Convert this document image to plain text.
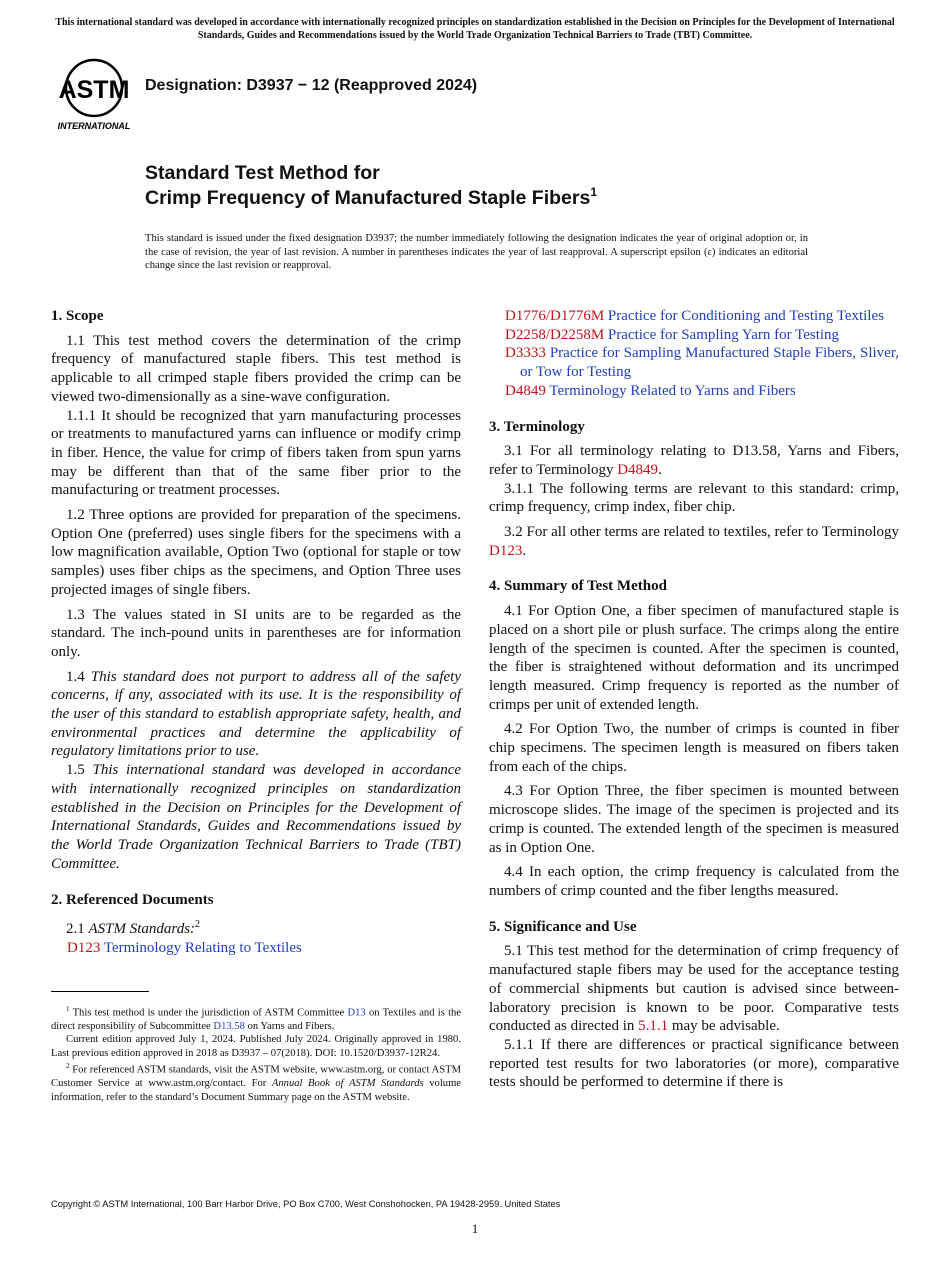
This international standard was developed in accordance with internationally recognized principles on standardization established in the Decision on Principles for the Development of International Standards, Guides and Recommendations issued by the World Trade Organization Technical Barriers to Trade (TBT) Committee.
ASTM
INTERNATIONAL
Designation: D3937 − 12 (Reapproved 2024)
Standard Test Method for
Crimp Frequency of Manufactured Staple Fibers$^1$
This standard is issued under the fixed designation D3937; the number immediately following the designation indicates the year of original adoption or, in the case of revision, the year of last revision. A number in parentheses indicates the year of last reapproval. A superscript epsilon (ε) indicates an editorial change since the last revision or reapproval.
1. Scope

1.1 This test method covers the determination of the crimp frequency of manufactured staple fibers. This test method is applicable to all crimped staple fibers provided the crimp can be viewed two-dimensionally as a sine-wave configuration.

1.1.1 It should be recognized that yarn manufacturing processes or treatments to manufactured yarns can influence or modify crimp in fiber. Hence, the value for crimp of fibers taken from spun yarns may be different than that of the same fiber prior to the manufacturing or treatment processes.

1.2 Three options are provided for preparation of the specimens. Option One (preferred) uses single fibers for the specimens with a low magnification available, Option Two (optional for staple or tow samples) uses fiber chips as the specimens, and Option Three uses projected images of single fibers.

1.3 The values stated in SI units are to be regarded as the standard. The inch-pound units in parentheses are for information only.

1.4 This standard does not purport to address all of the safety concerns, if any, associated with its use. It is the responsibility of the user of this standard to establish appropriate safety, health, and environmental practices and determine the applicability of regulatory limitations prior to use.

1.5 This international standard was developed in accordance with internationally recognized principles on standardization established in the Decision on Principles for the Development of International Standards, Guides and Recommendations issued by the World Trade Organization Technical Barriers to Trade (TBT) Committee.

2. Referenced Documents

2.1 ASTM Standards:$^2$

D123 Terminology Relating to Textiles

$^1$ This test method is under the jurisdiction of ASTM Committee D13 on Textiles and is the direct responsibility of Subcommittee D13.58 on Yarns and Fibers.

Current edition approved July 1, 2024. Published July 2024. Originally approved in 1980. Last previous edition approved in 2018 as D3937 – 07(2018). DOI: 10.1520/D3937-12R24.

$^2$ For referenced ASTM standards, visit the ASTM website, www.astm.org, or contact ASTM Customer Service at www.astm.org/contact. For Annual Book of ASTM Standards volume information, refer to the standard’s Document Summary page on the ASTM website.

D1776/D1776M Practice for Conditioning and Testing Textiles

D2258/D2258M Practice for Sampling Yarn for Testing

D3333 Practice for Sampling Manufactured Staple Fibers, Sliver, or Tow for Testing

D4849 Terminology Related to Yarns and Fibers

3. Terminology

3.1 For all terminology relating to D13.58, Yarns and Fibers, refer to Terminology D4849.

3.1.1 The following terms are relevant to this standard: crimp, crimp frequency, crimp index, fiber chip.

3.2 For all other terms are related to textiles, refer to Terminology D123.

4. Summary of Test Method

4.1 For Option One, a fiber specimen of manufactured staple is placed on a short pile or plush surface. The crimps along the entire length of the specimen is counted. After the specimen is counted, the fiber is straightened without deformation and its uncrimped length measured. Crimp frequency is reported as the number of crimps per unit of extended length.

4.2 For Option Two, the number of crimps is counted in fiber chip specimens. The specimen length is measured on fibers taken from each of the chips.

4.3 For Option Three, the fiber specimen is mounted between microscope slides. The image of the specimen is projected and its crimp is counted. The extended length of the specimen is measured as in Option One.

4.4 In each option, the crimp frequency is calculated from the numbers of crimp counted and the fiber lengths measured.

5. Significance and Use

5.1 This test method for the determination of crimp frequency of manufactured staple fibers may be used for the acceptance testing of commercial shipments but caution is advised since between-laboratory precision is known to be poor. Comparative tests conducted as directed in 5.1.1 may be advisable.

5.1.1 If there are differences or practical significance between reported test results for two laboratories (or more), comparative tests should be performed to determine if there is

Copyright © ASTM International, 100 Barr Harbor Drive, PO Box C700, West Conshohocken, PA 19428-2959. United States
1
